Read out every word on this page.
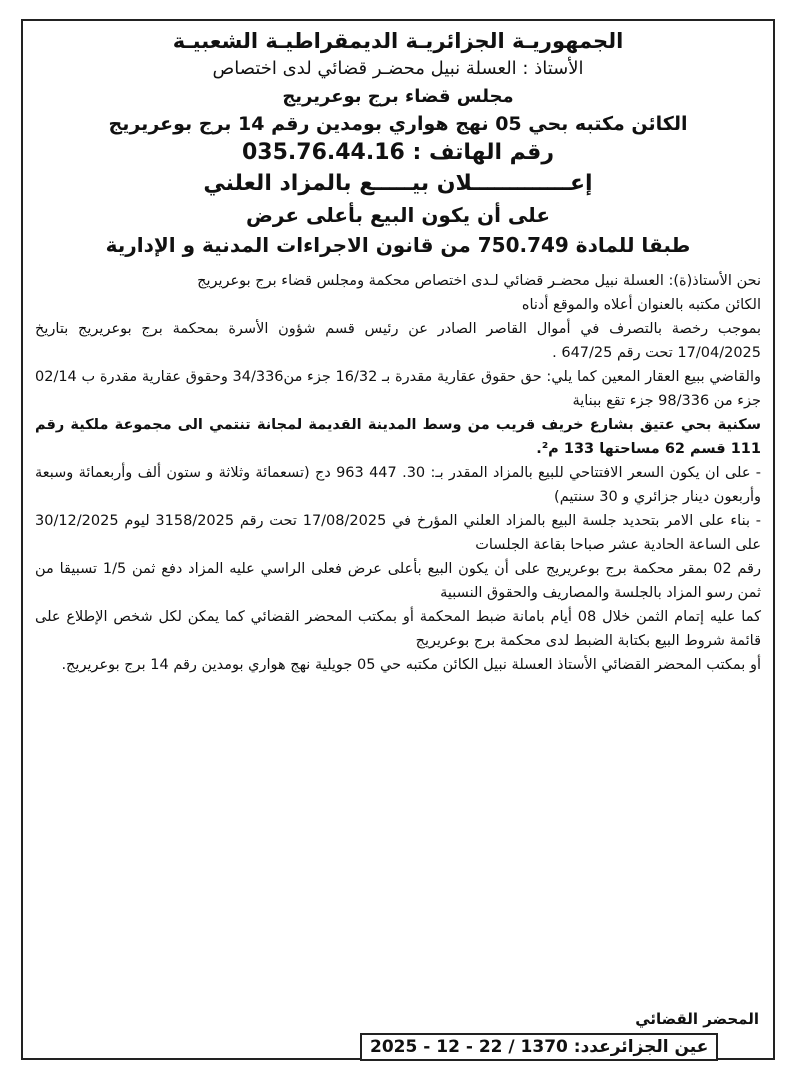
الجمهوريـة الجزائريـة الديمقراطيـة الشعبيـة
الأستاذ : العسلة نبيل محضـر قضائي لدى اختصاص
مجلس قضاء برج بوعريريج
الكائن مكتبه بحي 05 نهج هواري بومدين رقم 14 برج بوعريريج
رقم الهاتف : 035.76.44.16
إعـــــــــــــلان بيـــــع بالمزاد العلني
على أن يكون البيع بأعلى عرض
طبقا للمادة 750.749 من قانون الاجراءات المدنية و الإدارية

نحن الأستاذ(ة): العسلة نبيل محضـر قضائي لـدى اختصاص محكمة ومجلس قضاء برج بوعريريج

الكائن مكتبه بالعنوان أعلاه والموقع أدناه

بموجب رخصة بالتصرف في أموال القاصر الصادر عن رئيس قسم شؤون الأسرة بمحكمة برج بوعريريج بتاريخ 17/04/2025 تحت رقم 647/25 .

والقاضي ببيع العقار المعين كما يلي: حق حقوق عقارية مقدرة بـ 16/32 جزء من34/336 وحقوق عقارية مقدرة ب 02/14 جزء من 98/336 جزء تقع ببناية

سكنية بحي عتيق بشارع خريف قريب من وسط المدينة القديمة لمجانة تنتمي الى مجموعة ملكية رقم 111 قسم 62 مساحتها 133 م².

- على ان يكون السعر الافتتاحي للبيع بالمزاد المقدر بـ: 30. 447 963 دج (تسعمائة وثلاثة و ستون ألف وأربعمائة وسبعة وأربعون دينار جزائري و 30 سنتيم)

- بناء على الامر بتحديد جلسة البيع بالمزاد العلني المؤرخ في 17/08/2025 تحت رقم 3158/2025 ليوم 30/12/2025 على الساعة الحادية عشر صباحا بقاعة الجلسات

رقم 02 بمقر محكمة برج بوعريريج على أن يكون البيع بأعلى عرض فعلى الراسي عليه المزاد دفع ثمن 1/5 تسبيقا من ثمن رسو المزاد بالجلسة والمصاريف والحقوق النسبية

كما عليه إتمام الثمن خلال 08 أيام بامانة ضبط المحكمة أو بمكتب المحضر القضائي كما يمكن لكل شخص الإطلاع على قائمة شروط البيع بكتابة الضبط لدى محكمة برج بوعريريج

أو بمكتب المحضر القضائي الأستاذ العسلة نبيل الكائن مكتبه حي 05 جويلية نهج هواري بومدين رقم 14 برج بوعريريج.

المحضر القضائي
عين الجزائرعدد: 1370 / 22 - 12 - 2025
